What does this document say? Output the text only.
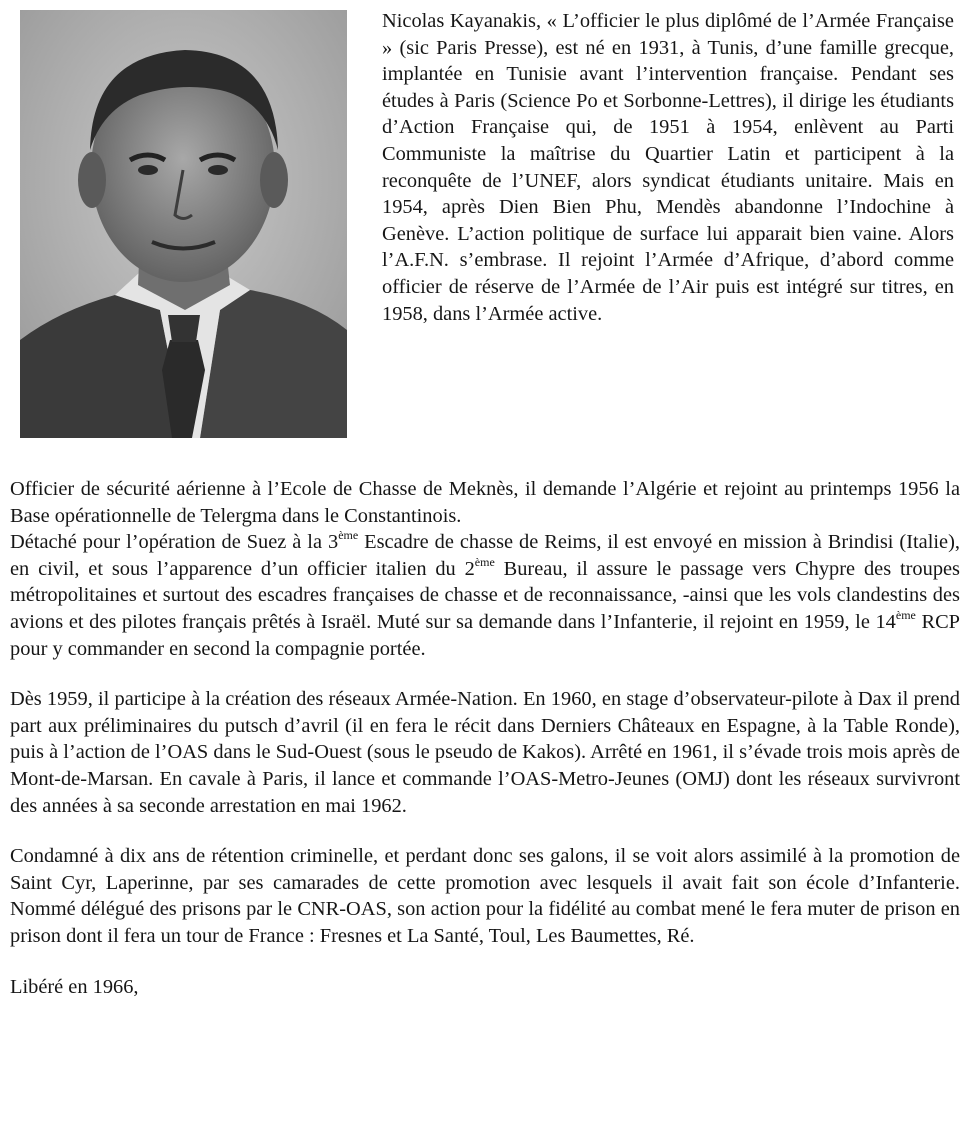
Nicolas Kayanakis, « L’officier le plus diplômé de l’Armée Française » (sic Paris Presse), est né en 1931, à Tunis, d’une famille grecque, implantée en Tunisie avant l’intervention française. Pendant ses études à Paris (Science Po et Sorbonne-Lettres), il dirige les étudiants d’Action Française qui, de 1951 à 1954, enlèvent au Parti Communiste la maîtrise du Quartier Latin et participent à la reconquête de l’UNEF, alors syndicat étudiants unitaire. Mais en 1954, après Dien Bien Phu, Mendès abandonne l’Indochine à Genève. L’action politique de surface lui apparait bien vaine. Alors l’A.F.N. s’embrase. Il rejoint l’Armée d’Afrique, d’abord comme officier de réserve de l’Armée de l’Air puis est intégré sur titres, en 1958, dans l’Armée active.

Officier de sécurité aérienne à l’Ecole de Chasse de Meknès, il demande l’Algérie et rejoint au printemps 1956 la Base opérationnelle de Telergma dans le Constantinois.

Détaché pour l’opération de Suez à la 3ème Escadre de chasse de Reims, il est envoyé en mission à Brindisi (Italie), en civil, et sous l’apparence d’un officier italien du 2ème Bureau, il assure le passage vers Chypre des troupes métropolitaines et surtout des escadres françaises de chasse et de reconnaissance, -ainsi que les vols clandestins des avions et des pilotes français prêtés à Israël. Muté sur sa demande dans l’Infanterie, il rejoint en 1959, le 14ème RCP pour y commander en second la compagnie portée.

Dès 1959, il participe à la création des réseaux Armée-Nation. En 1960, en stage d’observateur-pilote à Dax il prend part aux préliminaires du putsch d’avril (il en fera le récit dans Derniers Châteaux en Espagne, à la Table Ronde), puis à l’action de l’OAS dans le Sud-Ouest (sous le pseudo de Kakos). Arrêté en 1961, il s’évade trois mois après de Mont-de-Marsan. En cavale à Paris, il lance et commande l’OAS-Metro-Jeunes (OMJ) dont les réseaux survivront des années à sa seconde arrestation en mai 1962.

Condamné à dix ans de rétention criminelle, et perdant donc ses galons, il se voit alors assimilé à la promotion de Saint Cyr, Laperinne, par ses camarades de cette promotion avec lesquels il avait fait son école d’Infanterie. Nommé délégué des prisons par le CNR-OAS, son action pour la fidélité au combat mené le fera muter de prison en prison dont il fera un tour de France : Fresnes et La Santé, Toul, Les Baumettes, Ré.

Libéré en 1966,
